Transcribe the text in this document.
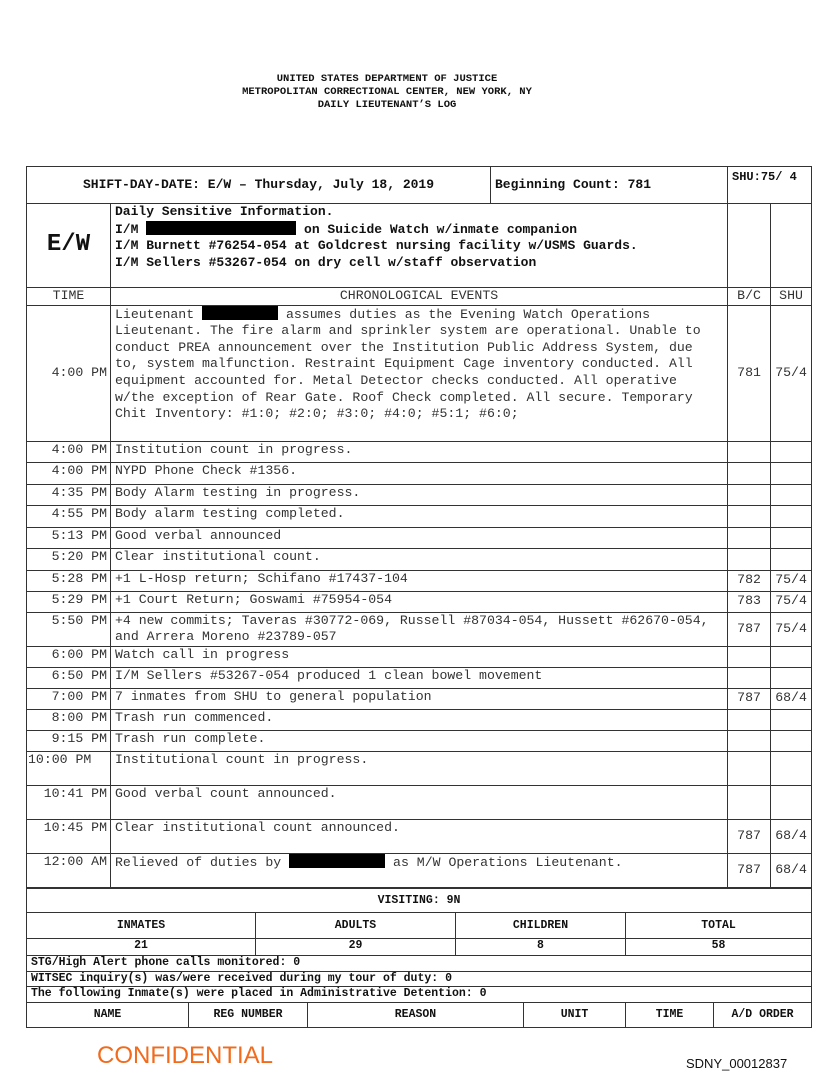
UNITED STATES DEPARTMENT OF JUSTICE
METROPOLITAN CORRECTIONAL CENTER, NEW YORK, NY
DAILY LIEUTENANT’S LOG
SHIFT-DAY-DATE: E/W – Thursday, July 18, 2019		Beginning Count: 781	SHU:75/ 4	
E/W	Daily Sensitive Information.
I/M on Suicide Watch w/inmate companion
I/M Burnett #76254-054 at Goldcrest nursing facility w/USMS Guards.
I/M Sellers #53267-054 on dry cell w/staff observation			

TIME	CHRONOLOGICAL EVENTS		B/C	SHU
4:00 PM	Lieutenant assumes duties as the Evening Watch Operations Lieutenant. The fire alarm and sprinkler system are operational. Unable to conduct PREA announcement over the Institution Public Address System, due to, system malfunction. Restraint Equipment Cage inventory conducted. All equipment accounted for. Metal Detector checks conducted. All operative w/the exception of Rear Gate. Roof Check completed. All secure. Temporary Chit Inventory: #1:0; #2:0; #3:0; #4:0; #5:1; #6:0;		781	75/4
4:00 PM	Institution count in progress.			
4:00 PM	NYPD Phone Check #1356.			
4:35 PM	Body Alarm testing in progress.			
4:55 PM	Body alarm testing completed.			
5:13 PM	Good verbal announced			
5:20 PM	Clear institutional count.			
5:28 PM	+1 L-Hosp return; Schifano #17437-104		782	75/4
5:29 PM	+1 Court Return; Goswami #75954-054		783	75/4
5:50 PM	+4 new commits; Taveras #30772-069, Russell #87034-054, Hussett #62670-054, and Arrera Moreno #23789-057		787	75/4
6:00 PM	Watch call in progress			
6:50 PM	I/M Sellers #53267-054 produced 1 clean bowel movement			
7:00 PM	7 inmates from SHU to general population		787	68/4
8:00 PM	Trash run commenced.			
9:15 PM	Trash run complete.			
10:00 PM	Institutional count in progress.			
10:41 PM	Good verbal count announced.			
10:45 PM	Clear institutional count announced.		787	68/4
12:00 AM	Relieved of duties by as M/W Operations Lieutenant.		787	68/4
VISITING: 9N							
INMATES		ADULTS		CHILDREN		TOTAL	
21		29		8		58	
STG/High Alert phone calls monitored: 0							
WITSEC inquiry(s) was/were received during my tour of duty: 0							
The following Inmate(s) were placed in Administrative Detention: 0							
NAME	REG NUMBER		REASON		UNIT	TIME	A/D ORDER
CONFIDENTIAL	SDNY_00012837
